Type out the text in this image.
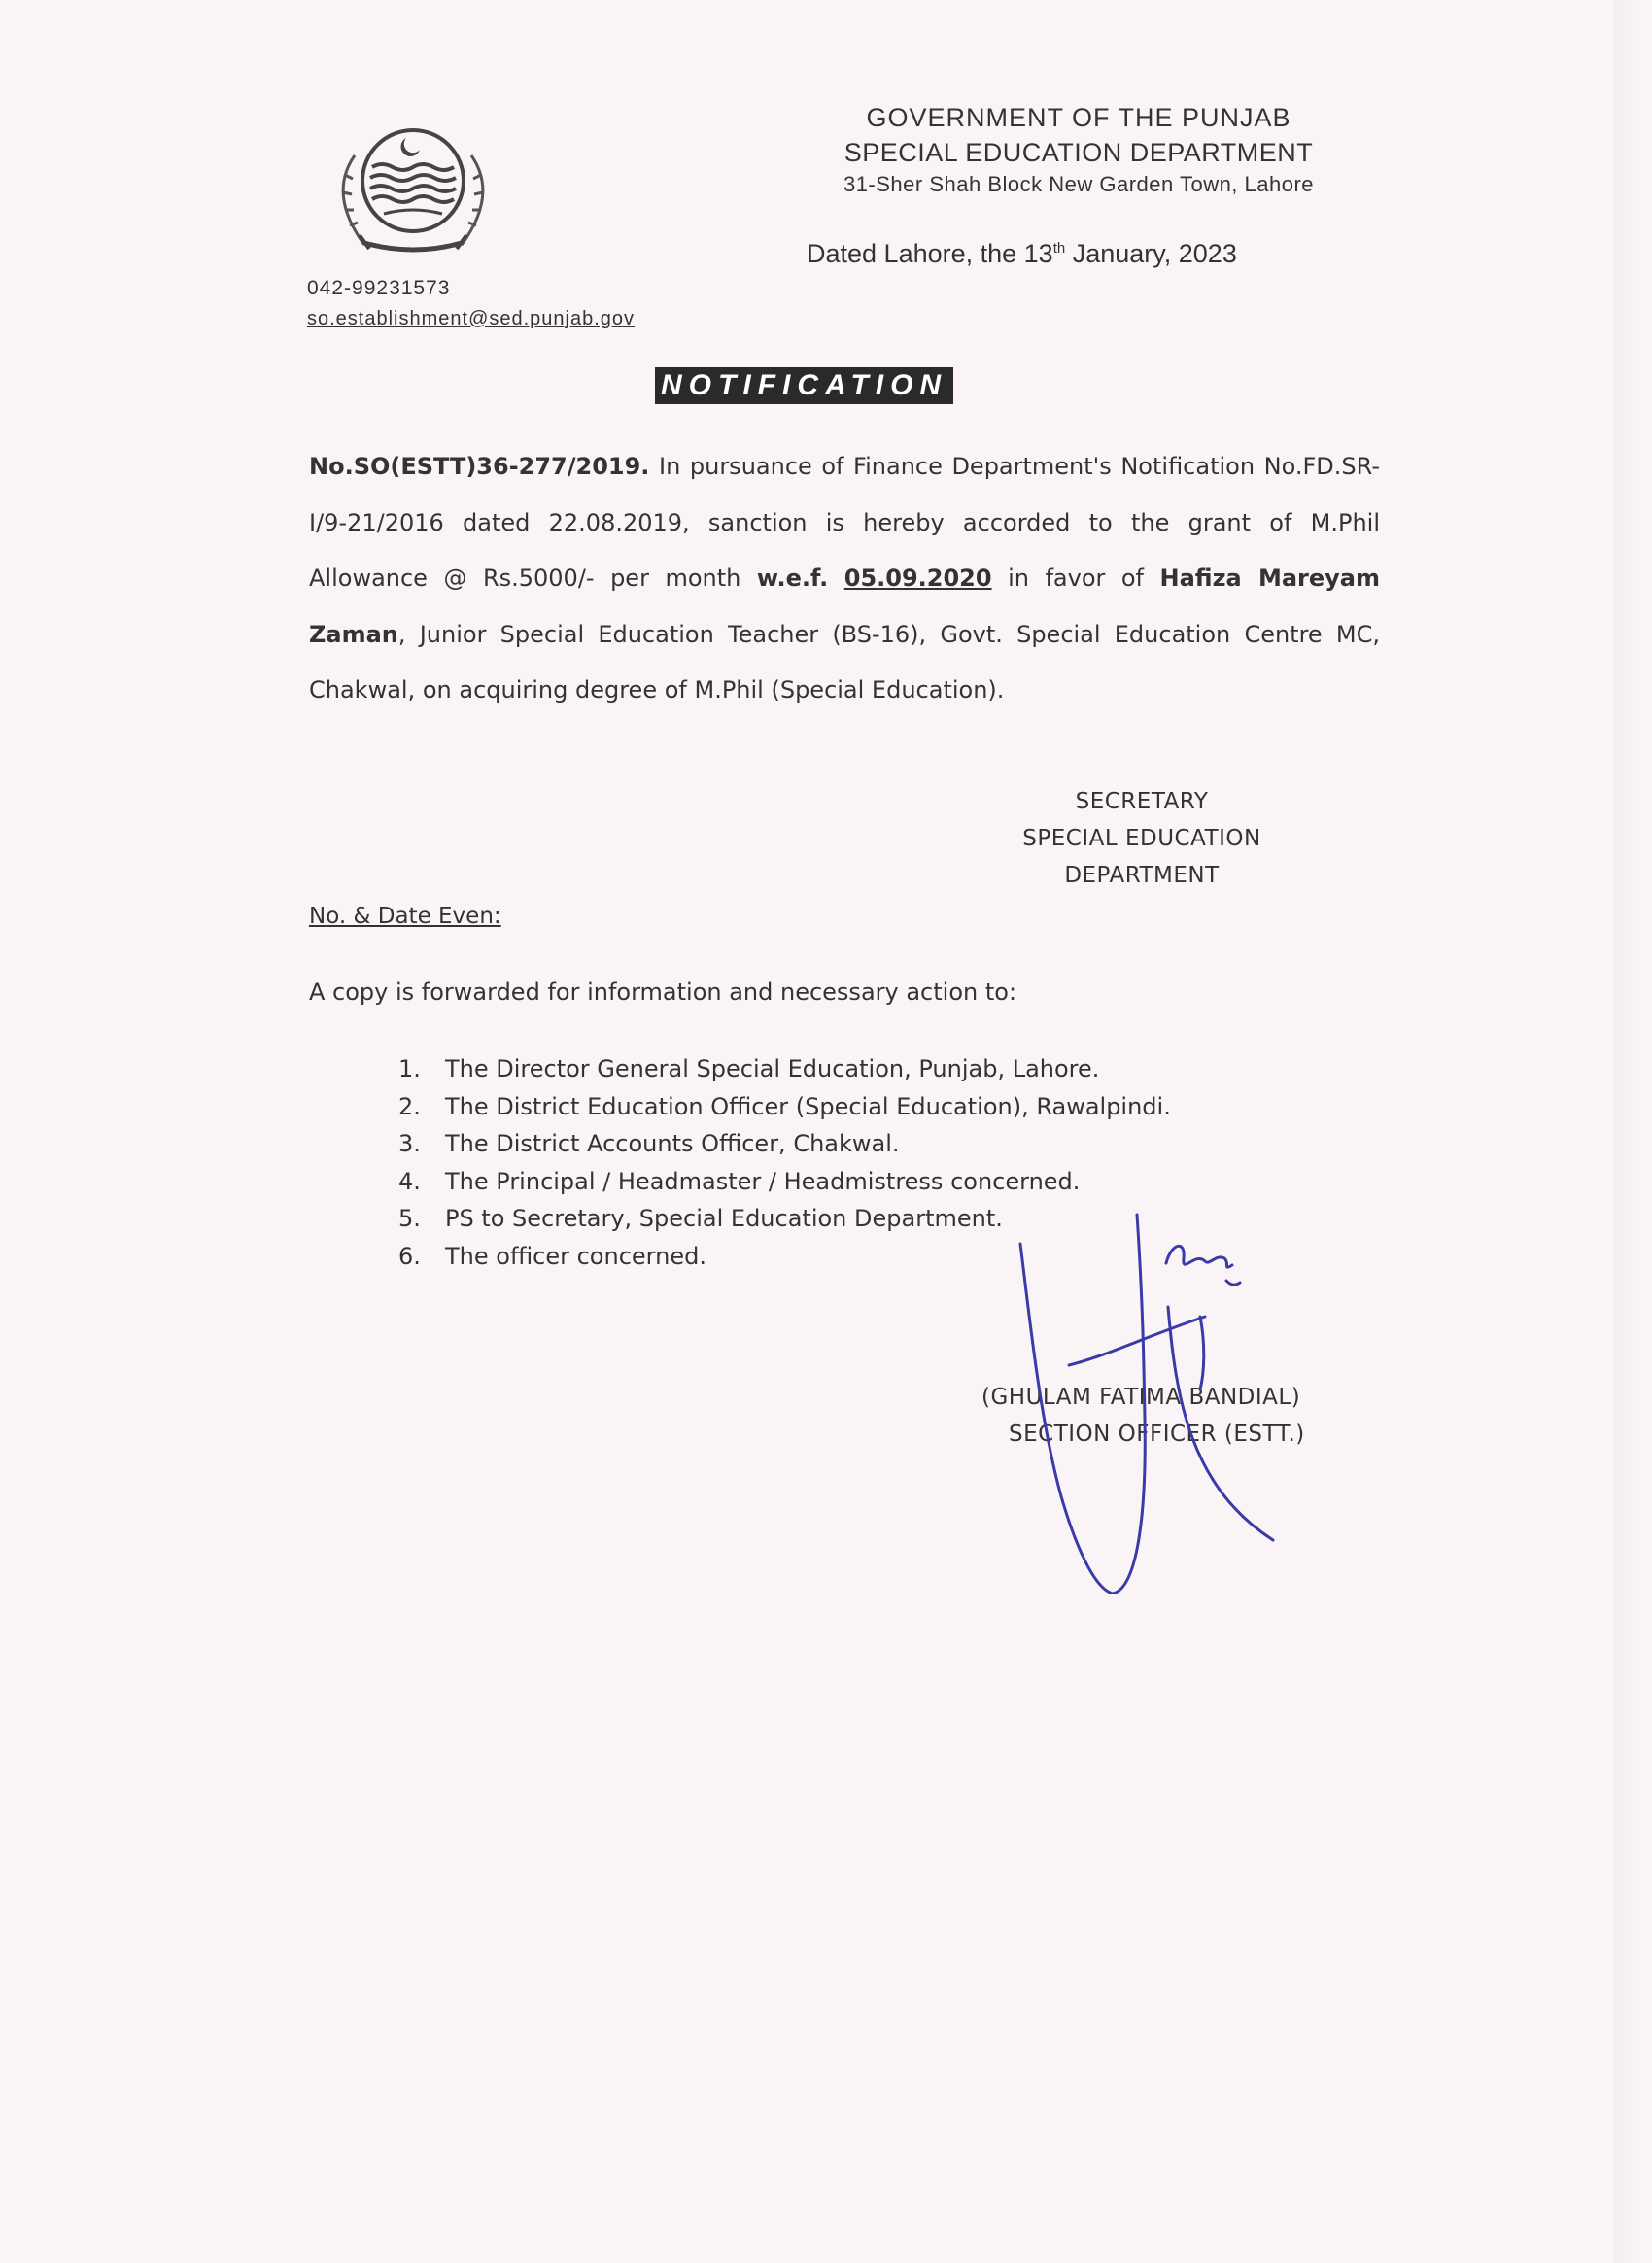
GOVERNMENT OF THE PUNJAB
SPECIAL EDUCATION DEPARTMENT
31-Sher Shah Block New Garden Town, Lahore
Dated Lahore, the 13th January, 2023
042-99231573
so.establishment@sed.punjab.gov
NOTIFICATION
No.SO(ESTT)36-277/2019. In pursuance of Finance Department's Notification No.FD.SR-I/9-21/2016 dated 22.08.2019, sanction is hereby accorded to the grant of M.Phil Allowance @ Rs.5000/- per month w.e.f. 05.09.2020 in favor of Hafiza Mareyam Zaman, Junior Special Education Teacher (BS-16), Govt. Special Education Centre MC, Chakwal, on acquiring degree of M.Phil (Special Education).
SECRETARY
SPECIAL EDUCATION
DEPARTMENT
No. & Date Even:
A copy is forwarded for information and necessary action to:
1. The Director General Special Education, Punjab, Lahore.
2. The District Education Officer (Special Education), Rawalpindi.
3. The District Accounts Officer, Chakwal.
4. The Principal / Headmaster / Headmistress concerned.
5. PS to Secretary, Special Education Department.
6. The officer concerned.
(GHULAM FATIMA BANDIAL)
SECTION OFFICER (ESTT.)
